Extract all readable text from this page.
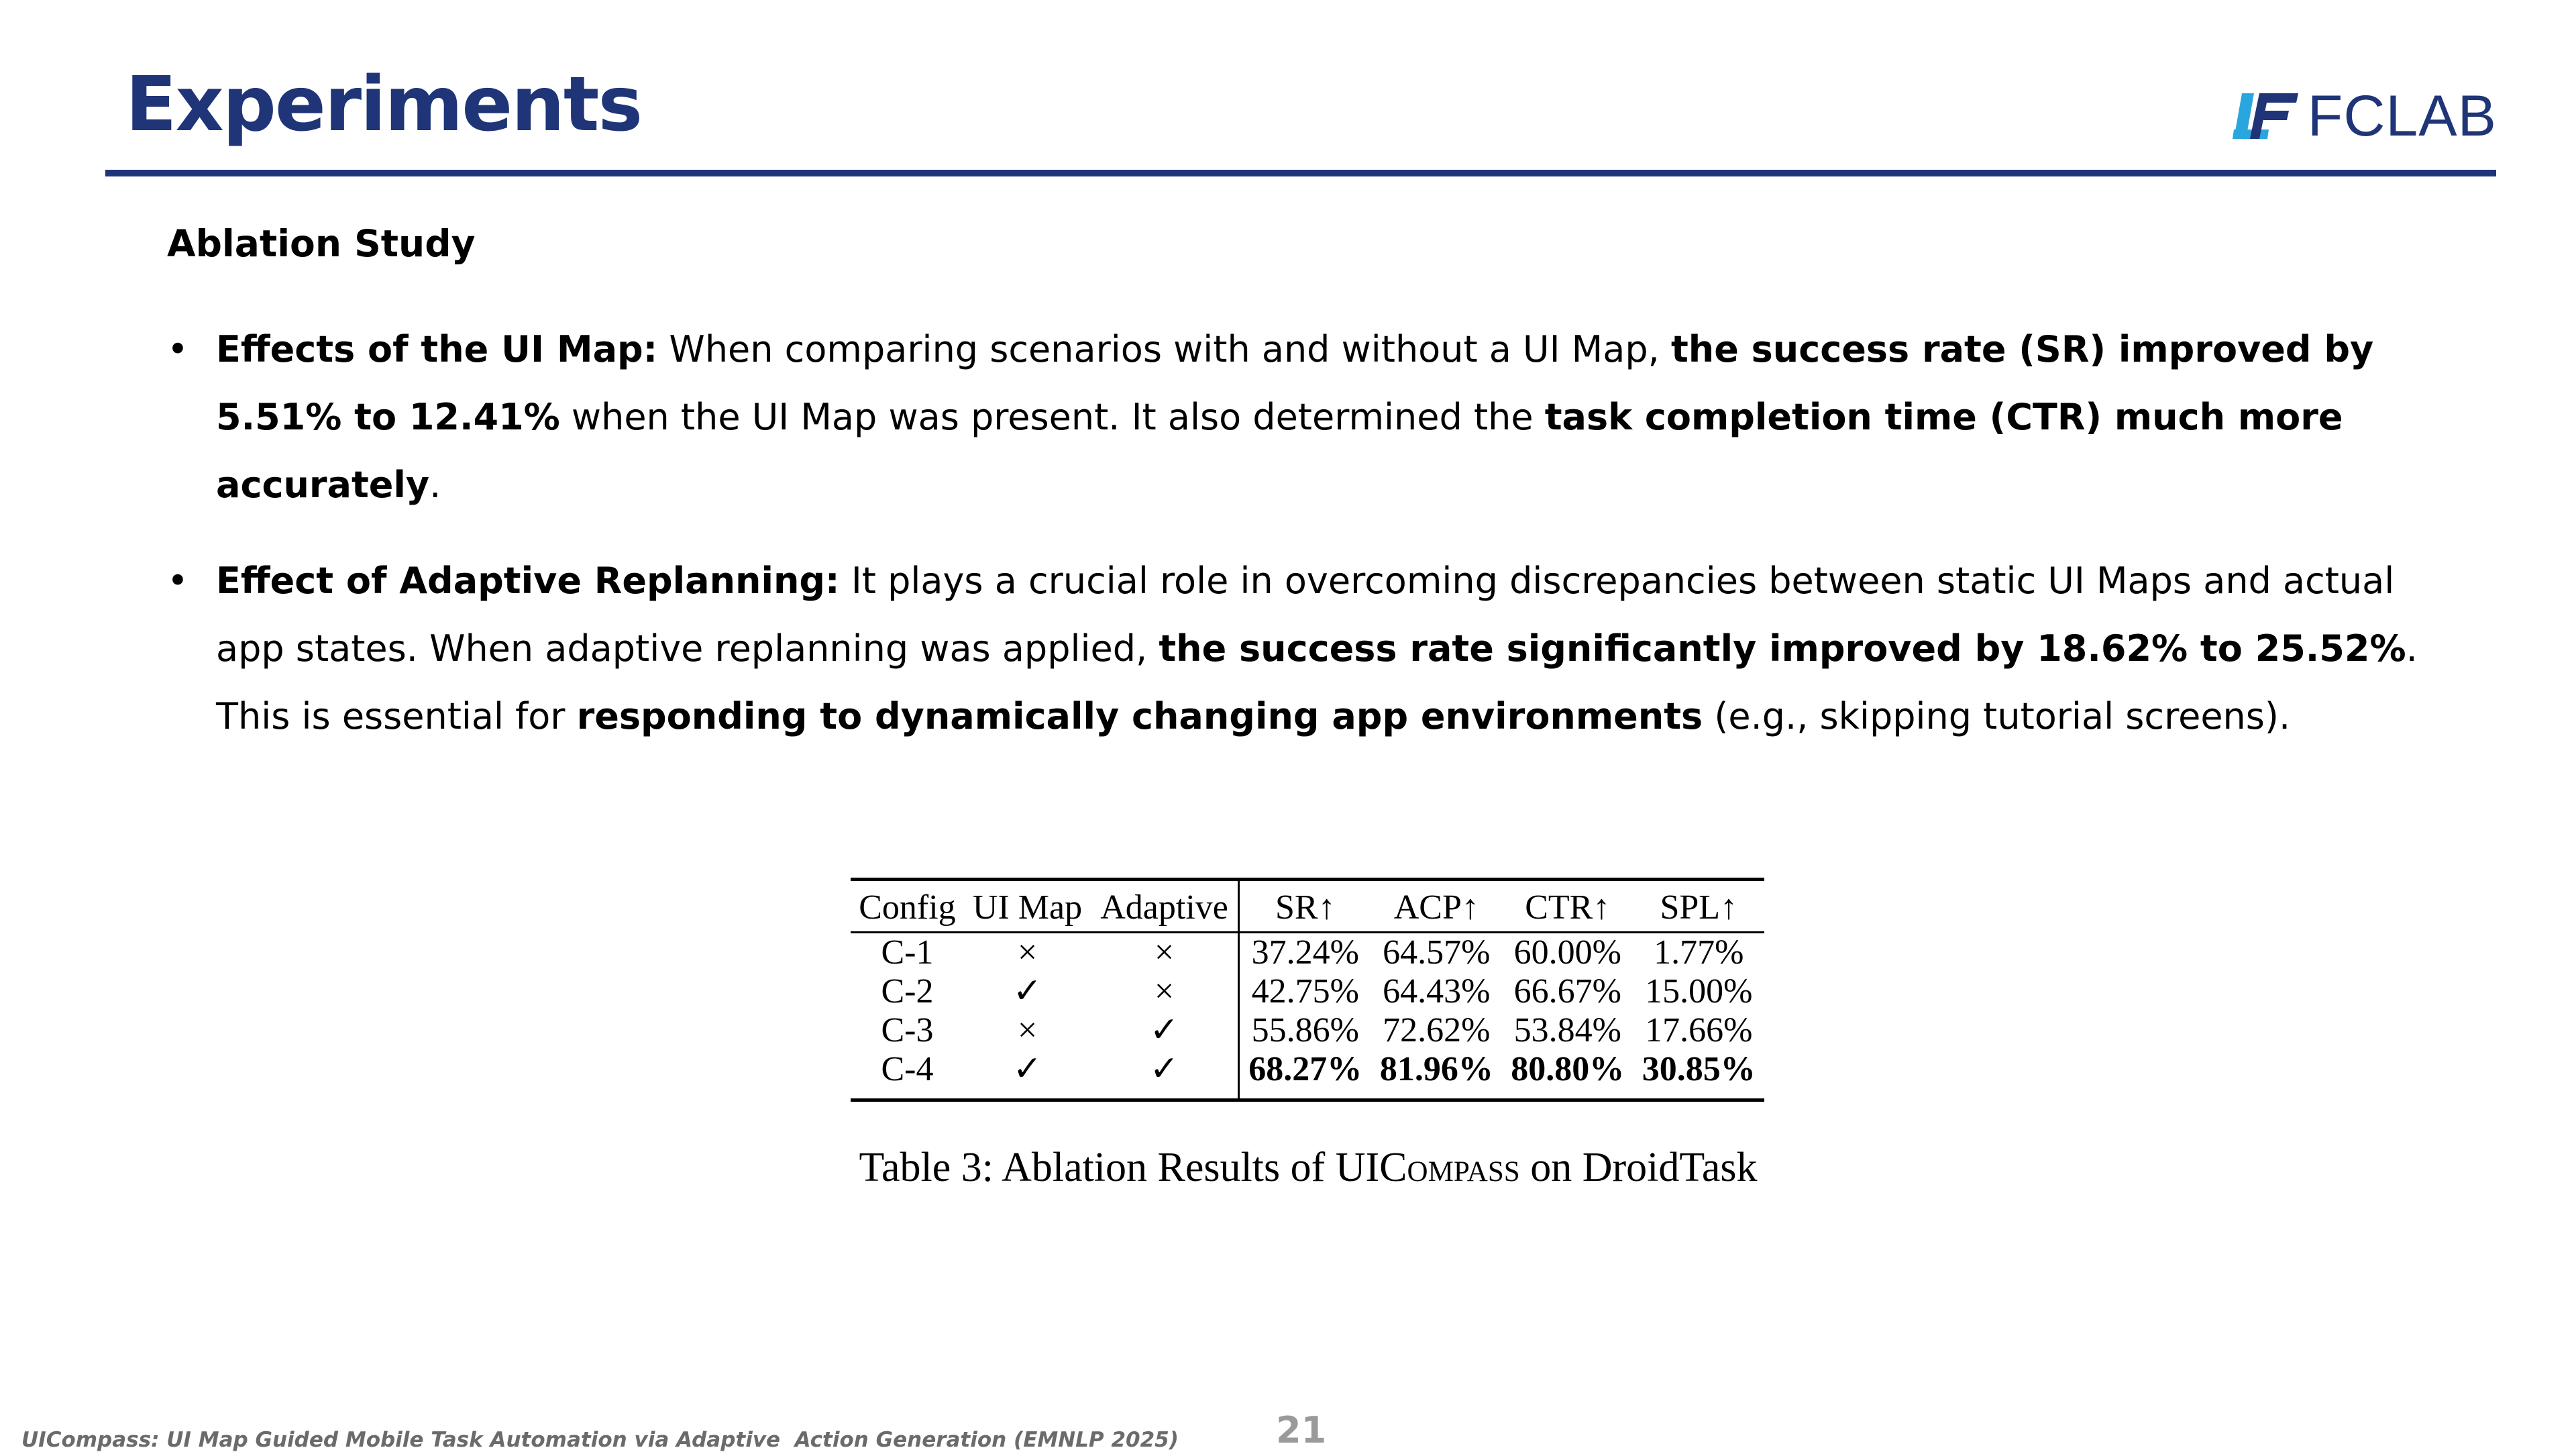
Experiments	FCLAB
Ablation Study
• Effects of the UI Map: When comparing scenarios with and without a UI Map, the success rate (SR) improved by 5.51% to 12.41% when the UI Map was present. It also determined the task completion time (CTR) much more accurately.
• Effect of Adaptive Replanning: It plays a crucial role in overcoming discrepancies between static UI Maps and actual app states. When adaptive replanning was applied, the success rate significantly improved by 18.62% to 25.52%. This is essential for responding to dynamically changing app environments (e.g., skipping tutorial screens).
Config	UI Map	Adaptive	SR↑	ACP↑	CTR↑	SPL↑
C-1	×	×	37.24%	64.57%	60.00%	1.77%
C-2	✓	×	42.75%	64.43%	66.67%	15.00%
C-3	×	✓	55.86%	72.62%	53.84%	17.66%
C-4	✓	✓	68.27%	81.96%	80.80%	30.85%
Table 3: Ablation Results of UICompass on DroidTask
UICompass: UI Map Guided Mobile Task Automation via Adaptive  Action Generation (EMNLP 2025)	21
